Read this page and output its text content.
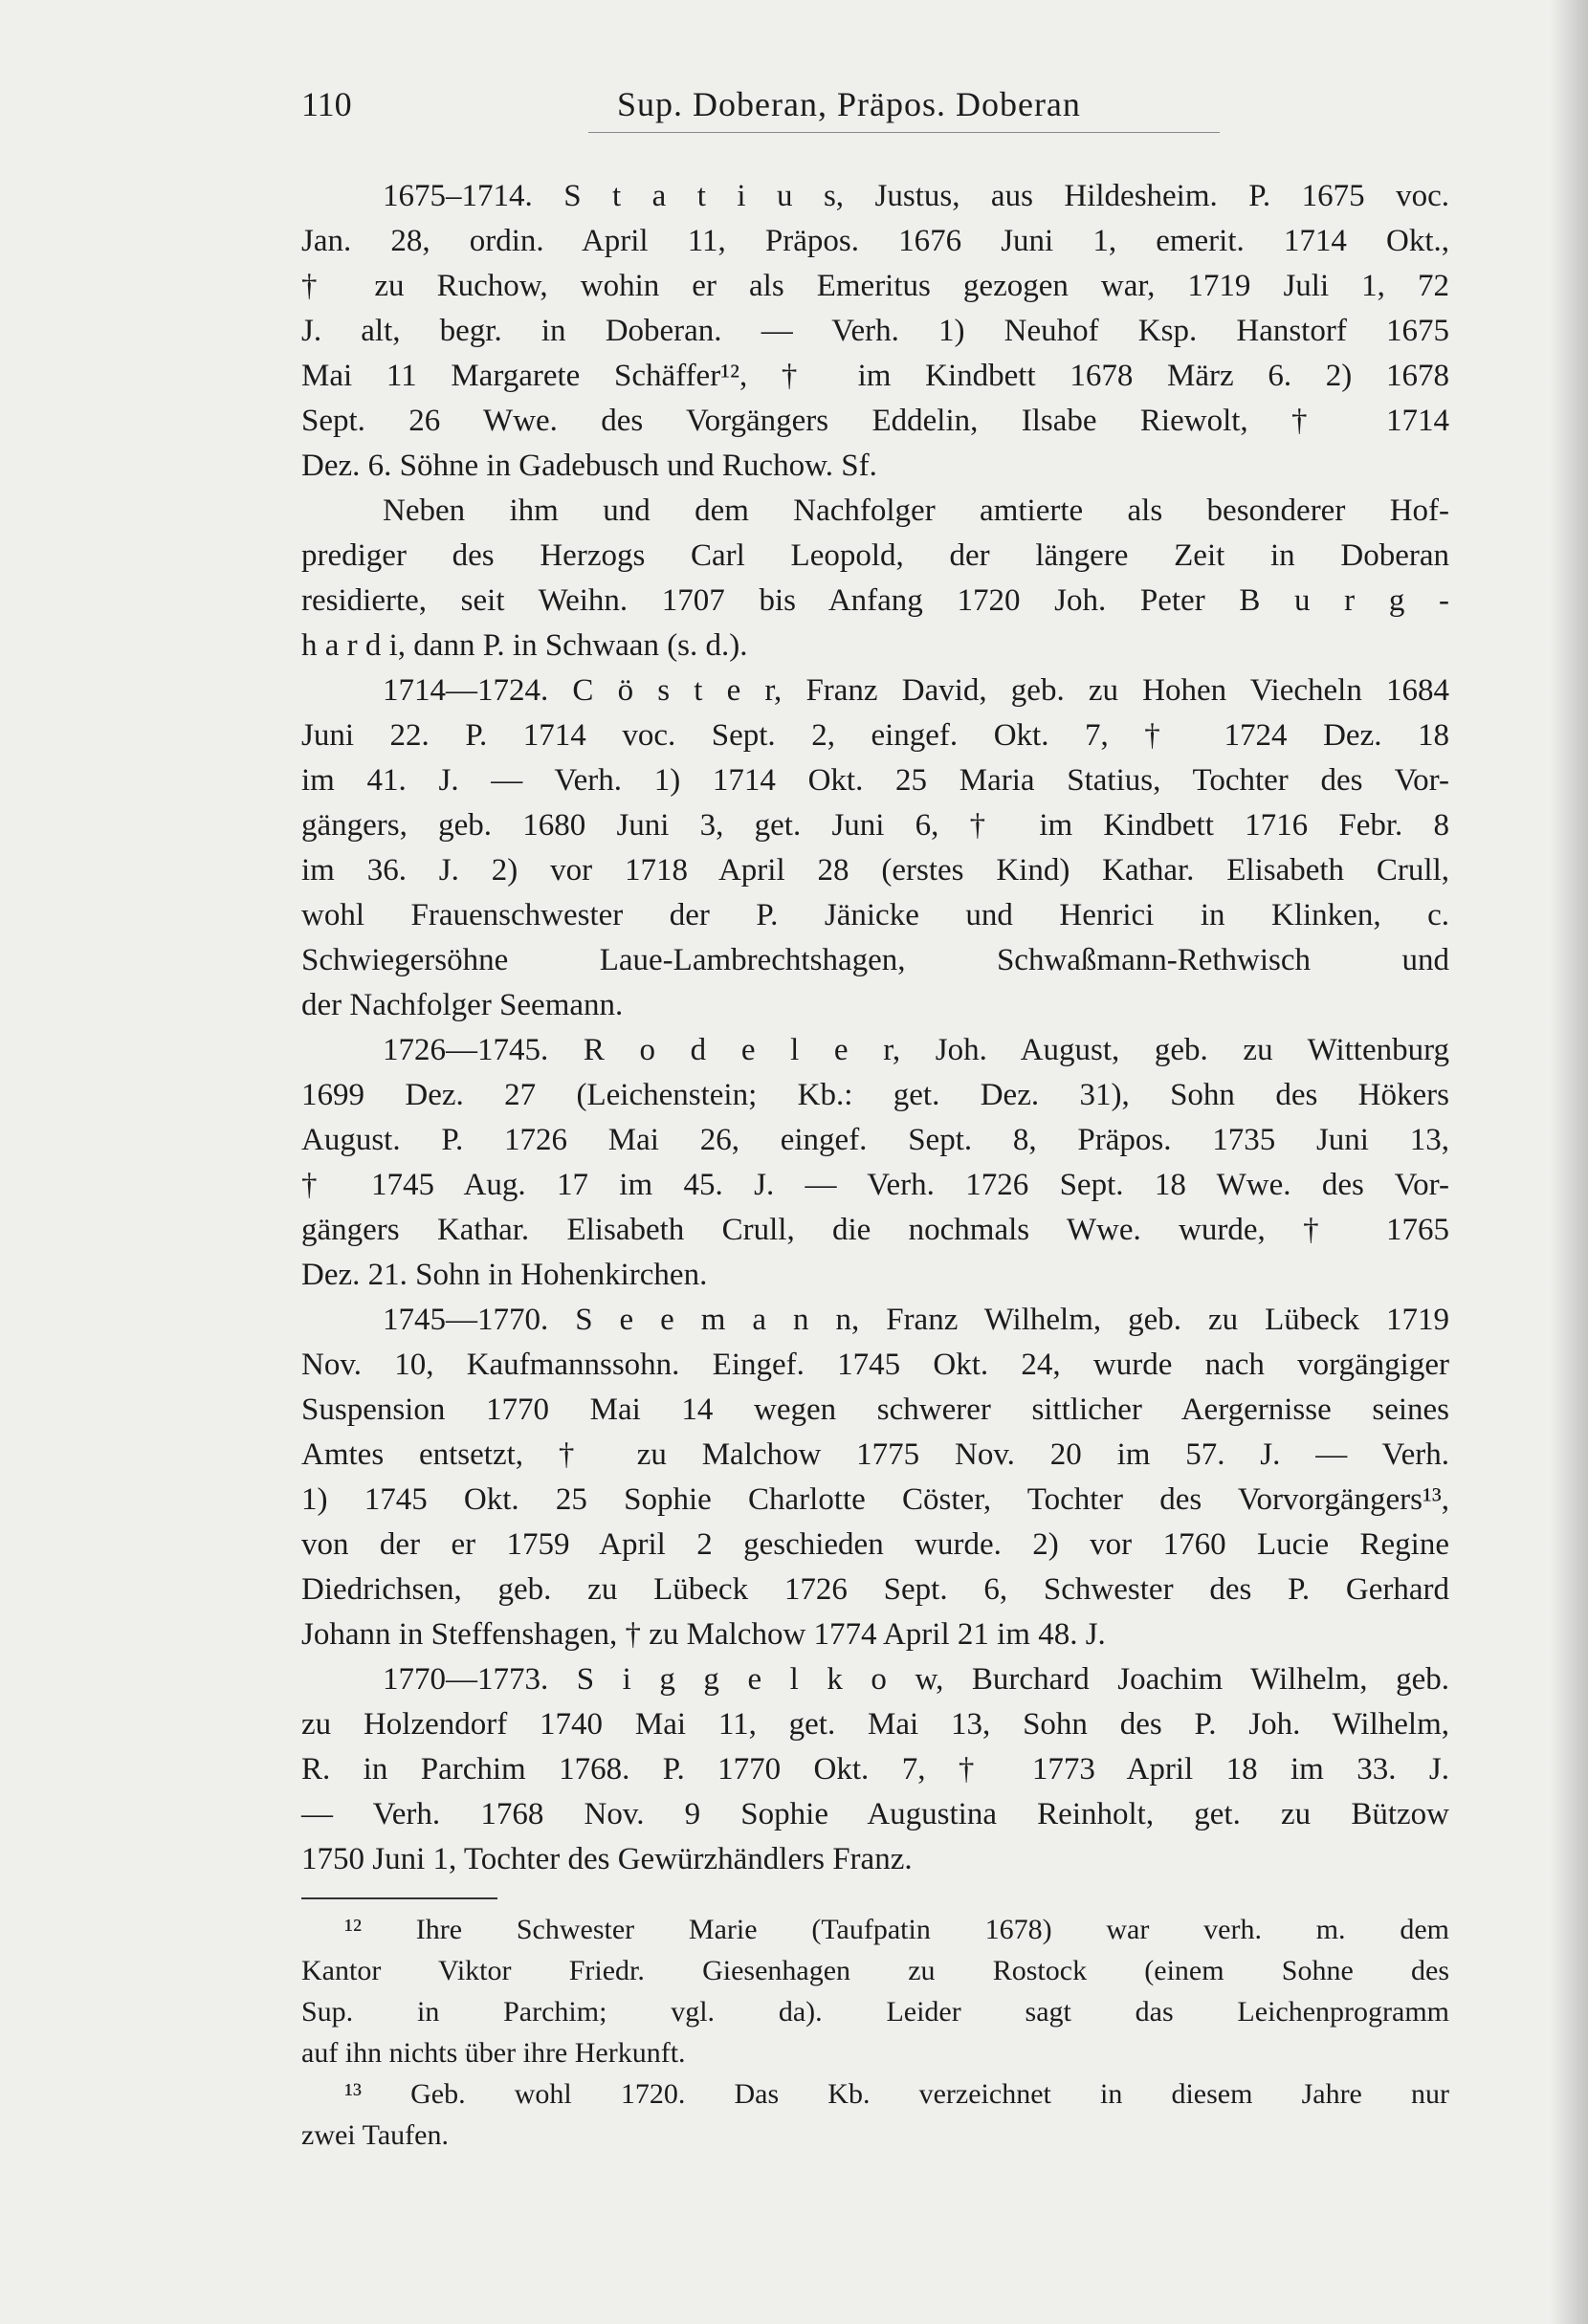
110	Sup. Doberan, Präpos. Doberan
1675–1714. S t a t i u s, Justus, aus Hildesheim. P. 1675 voc.
Jan. 28, ordin. April 11, Präpos. 1676 Juni 1, emerit. 1714 Okt.,
† zu Ruchow, wohin er als Emeritus gezogen war, 1719 Juli 1, 72
J. alt, begr. in Doberan. — Verh. 1) Neuhof Ksp. Hanstorf 1675
Mai 11 Margarete Schäffer¹², † im Kindbett 1678 März 6. 2) 1678
Sept. 26 Wwe. des Vorgängers Eddelin, Ilsabe Riewolt, † 1714
Dez. 6. Söhne in Gadebusch und Ruchow. Sf.
Neben ihm und dem Nachfolger amtierte als besonderer Hof-
prediger des Herzogs Carl Leopold, der längere Zeit in Doberan
residierte, seit Weihn. 1707 bis Anfang 1720 Joh. Peter B u r g -
h a r d i, dann P. in Schwaan (s. d.).
1714—1724. C ö s t e r, Franz David, geb. zu Hohen Viecheln 1684
Juni 22. P. 1714 voc. Sept. 2, eingef. Okt. 7, † 1724 Dez. 18
im 41. J. — Verh. 1) 1714 Okt. 25 Maria Statius, Tochter des Vor-
gängers, geb. 1680 Juni 3, get. Juni 6, † im Kindbett 1716 Febr. 8
im 36. J. 2) vor 1718 April 28 (erstes Kind) Kathar. Elisabeth Crull,
wohl Frauenschwester der P. Jänicke und Henrici in Klinken, c.
Schwiegersöhne Laue-Lambrechtshagen, Schwaßmann-Rethwisch und
der Nachfolger Seemann.
1726—1745. R o d e l e r, Joh. August, geb. zu Wittenburg
1699 Dez. 27 (Leichenstein; Kb.: get. Dez. 31), Sohn des Hökers
August. P. 1726 Mai 26, eingef. Sept. 8, Präpos. 1735 Juni 13,
† 1745 Aug. 17 im 45. J. — Verh. 1726 Sept. 18 Wwe. des Vor-
gängers Kathar. Elisabeth Crull, die nochmals Wwe. wurde, † 1765
Dez. 21. Sohn in Hohenkirchen.
1745—1770. S e e m a n n, Franz Wilhelm, geb. zu Lübeck 1719
Nov. 10, Kaufmannssohn. Eingef. 1745 Okt. 24, wurde nach vorgängiger
Suspension 1770 Mai 14 wegen schwerer sittlicher Aergernisse seines
Amtes entsetzt, † zu Malchow 1775 Nov. 20 im 57. J. — Verh.
1) 1745 Okt. 25 Sophie Charlotte Cöster, Tochter des Vorvorgängers¹³,
von der er 1759 April 2 geschieden wurde. 2) vor 1760 Lucie Regine
Diedrichsen, geb. zu Lübeck 1726 Sept. 6, Schwester des P. Gerhard
Johann in Steffenshagen, † zu Malchow 1774 April 21 im 48. J.
1770—1773. S i g g e l k o w, Burchard Joachim Wilhelm, geb.
zu Holzendorf 1740 Mai 11, get. Mai 13, Sohn des P. Joh. Wilhelm,
R. in Parchim 1768. P. 1770 Okt. 7, † 1773 April 18 im 33. J.
— Verh. 1768 Nov. 9 Sophie Augustina Reinholt, get. zu Bützow
1750 Juni 1, Tochter des Gewürzhändlers Franz.
¹² Ihre Schwester Marie (Taufpatin 1678) war verh. m. dem
Kantor Viktor Friedr. Giesenhagen zu Rostock (einem Sohne des
Sup. in Parchim; vgl. da). Leider sagt das Leichenprogramm
auf ihn nichts über ihre Herkunft.
¹³ Geb. wohl 1720. Das Kb. verzeichnet in diesem Jahre nur
zwei Taufen.
